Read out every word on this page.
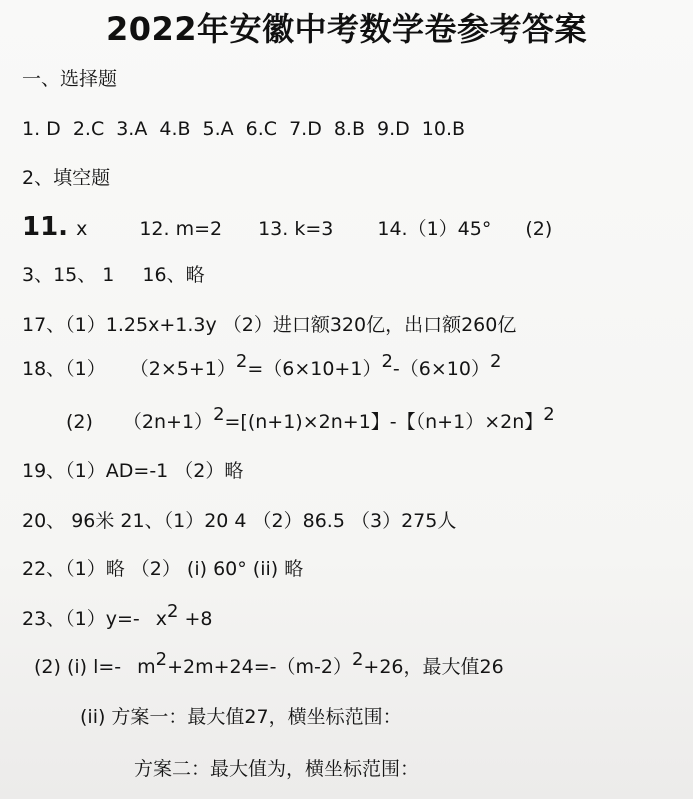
2022年安徽中考数学卷参考答案
一、选择题
1. D 2.C 3.A 4.B 5.A 6.C 7.D 8.B 9.D 10.B
2、填空题
11. x	12. m=2 13. k=3 14.（1）45° (2)
3、15、 1 16、略
17、（1）1.25x+1.3y （2）进口额320亿，出口额260亿
18、（1） $(2\times 5+1)^2=(6\times 10+1)^2-(6\times 10)^2$
(2) $(2n+1)^2=[(n+1)\times 2n+1$】-【（n+1）×2n】$^2$
19、（1）AD=-1 （2）略
20、 96米 21、（1）20 4 （2）86.5 （3）275人
22、（1）略 （2） (i) 60° (ii) 略
23、（1）y=- $x^2 +8$
(2) (i) l=- $m^2+2m+24=-(m-2)^2+26$，最大值26
(ii) 方案一：最大值27，横坐标范围：
方案二：最大值为，横坐标范围：
